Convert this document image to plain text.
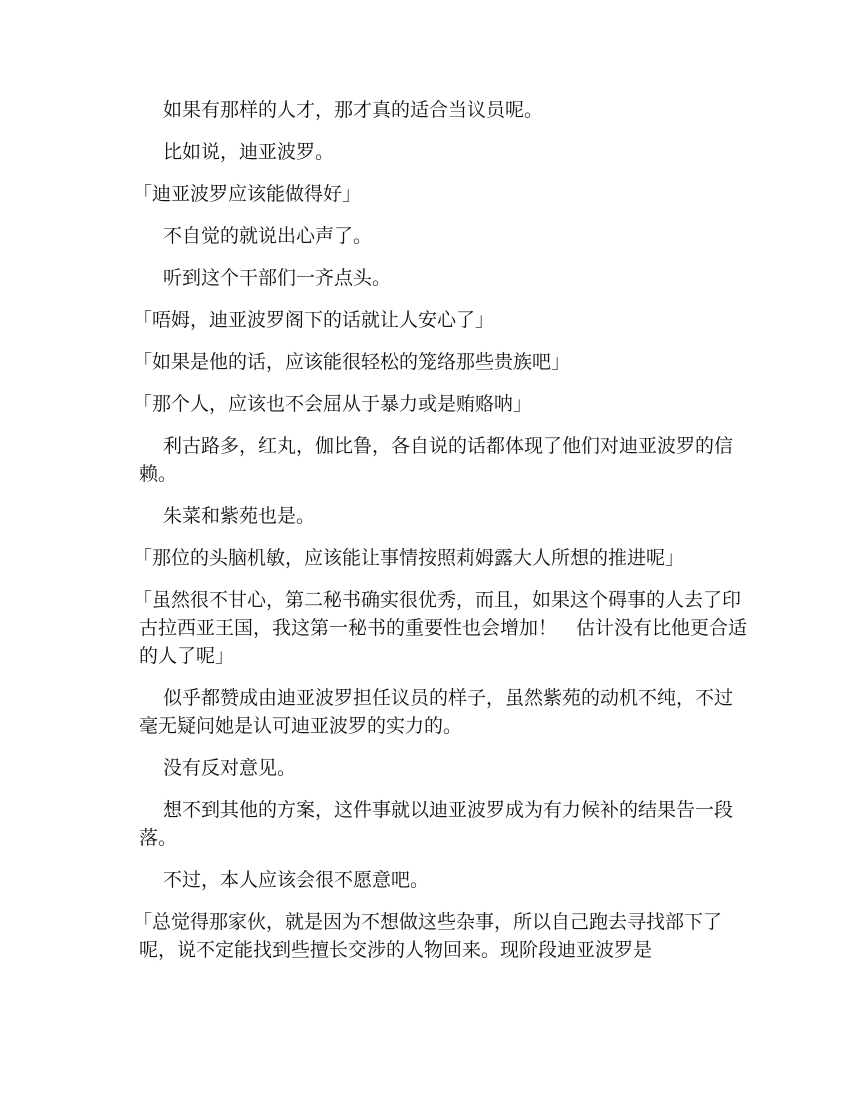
如果有那样的人才，那才真的适合当议员呢。

比如说，迪亚波罗。

「迪亚波罗应该能做得好」

不自觉的就说出心声了。

听到这个干部们一齐点头。

「唔姆，迪亚波罗阁下的话就让人安心了」

「如果是他的话，应该能很轻松的笼络那些贵族吧」

「那个人，应该也不会屈从于暴力或是贿赂呐」

利古路多，红丸，伽比鲁，各自说的话都体现了他们对迪亚波罗的信赖。

朱菜和紫苑也是。

「那位的头脑机敏，应该能让事情按照莉姆露大人所想的推进呢」

「虽然很不甘心，第二秘书确实很优秀，而且，如果这个碍事的人去了印古拉西亚王国，我这第一秘书的重要性也会增加！　估计没有比他更合适的人了呢」

似乎都赞成由迪亚波罗担任议员的样子，虽然紫苑的动机不纯，不过毫无疑问她是认可迪亚波罗的实力的。

没有反对意见。

想不到其他的方案，这件事就以迪亚波罗成为有力候补的结果告一段落。

不过，本人应该会很不愿意吧。

「总觉得那家伙，就是因为不想做这些杂事，所以自己跑去寻找部下了呢，说不定能找到些擅长交涉的人物回来。现阶段迪亚波罗是
